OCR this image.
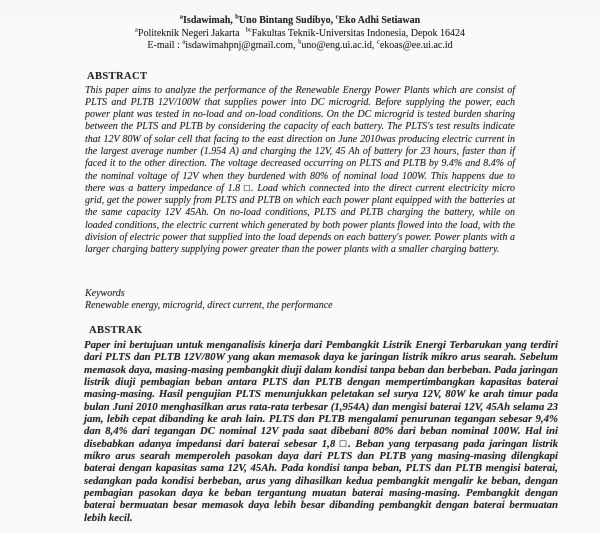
$^a$Isdawimah, $^b$Uno Bintang Sudibyo, $^c$Eko Adhi Setiawan
$^a$Politeknik Negeri Jakarta $^{bc}$Fakultas Teknik-Universitas Indonesia, Depok 16424
E-mail : $^a$isdawimahpnj@gmail.com, $^b$uno@eng.ui.ac.id, $^c$ekoas@ee.ui.ac.id
ABSTRACT
This paper aims to analyze the performance of the Renewable Energy Power Plants which are consist of PLTS and PLTB 12V/100W that supplies power into DC microgrid. Before supplying the power, each power plant was tested in no-load and on-load conditions. On the DC microgrid is tested burden sharing between the PLTS and PLTB by considering the capacity of each battery. The PLTS's test results indicate that 12V 80W of solar cell that facing to the east direction on June 2010was producing electric current in the largest average number (1.954 A) and charging the 12V, 45 Ah of battery for 23 hours, faster than if faced it to the other direction. The voltage decreased occurring on PLTS and PLTB by 9.4% and 8.4% of the nominal voltage of 12V when they burdened with 80% of nominal load 100W. This happens due to there was a battery impedance of 1.8 □. Load which connected into the direct current electricity micro grid, get the power supply from PLTS and PLTB on which each power plant equipped with the batteries at the same capacity 12V 45Ah. On no-load conditions, PLTS and PLTB charging the battery, while on loaded conditions, the electric current which generated by both power plants flowed into the load, with the division of electric power that supplied into the load depends on each battery's power. Power plants with a larger charging battery supplying power greater than the power plants with a smaller charging battery.
Keywords
Renewable energy, microgrid, direct current, the performance
ABSTRAK
Paper ini bertujuan untuk menganalisis kinerja dari Pembangkit Listrik Energi Terbarukan yang terdiri dari PLTS dan PLTB 12V/80W yang akan memasok daya ke jaringan listrik mikro arus searah. Sebelum memasok daya, masing-masing pembangkit diuji dalam kondisi tanpa beban dan berbeban. Pada jaringan listrik diuji pembagian beban antara PLTS dan PLTB dengan mempertimbangkan kapasitas baterai masing-masing. Hasil pengujian PLTS menunjukkan peletakan sel surya 12V, 80W ke arah timur pada bulan Juni 2010 menghasilkan arus rata-rata terbesar (1,954A) dan mengisi baterai 12V, 45Ah selama 23 jam, lebih cepat dibanding ke arah lain. PLTS dan PLTB mengalami penurunan tegangan sebesar 9,4% dan 8,4% dari tegangan DC nominal 12V pada saat dibebani 80% dari beban nominal 100W. Hal ini disebabkan adanya impedansi dari baterai sebesar 1,8 □. Beban yang terpasang pada jaringan listrik mikro arus searah memperoleh pasokan daya dari PLTS dan PLTB yang masing-masing dilengkapi baterai dengan kapasitas sama 12V, 45Ah. Pada kondisi tanpa beban, PLTS dan PLTB mengisi baterai, sedangkan pada kondisi berbeban, arus yang dihasilkan kedua pembangkit mengalir ke beban, dengan pembagian pasokan daya ke beban tergantung muatan baterai masing-masing. Pembangkit dengan baterai bermuatan besar memasok daya lebih besar dibanding pembangkit dengan baterai bermuatan lebih kecil.
